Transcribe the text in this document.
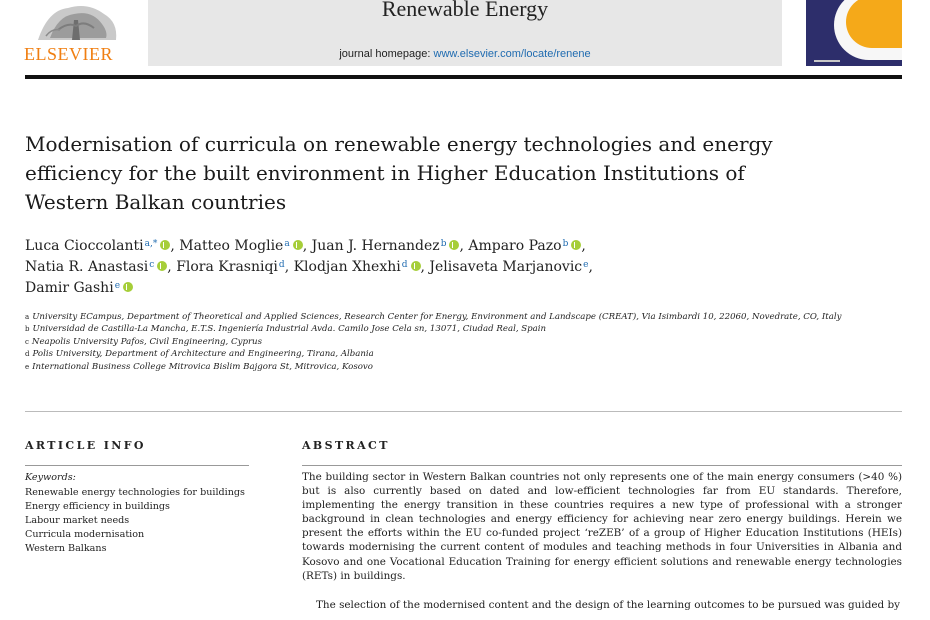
ELSEVIER
Renewable Energy
journal homepage: www.elsevier.com/locate/renene
Modernisation of curricula on renewable energy technologies and energy efficiency for the built environment in Higher Education Institutions of Western Balkan countries
Luca Cioccolanti$^{a,*}$ , Matteo Moglie$^a$ , Juan J. Hernandez$^b$ , Amparo Pazo$^b$ ,
Natia R. Anastasi$^c$ , Flora Krasniqi$^d$, Klodjan Xhexhi$^d$ , Jelisaveta Marjanovic$^e$,
Damir Gashi$^e$

$^a$ University ECampus, Department of Theoretical and Applied Sciences, Research Center for Energy, Environment and Landscape (CREAT), Via Isimbardi 10, 22060, Novedrate, CO, Italy

$^b$ Universidad de Castilla-La Mancha, E.T.S. Ingeniería Industrial Avda. Camilo Jose Cela sn, 13071, Ciudad Real, Spain

$^c$ Neapolis University Pafos, Civil Engineering, Cyprus

$^d$ Polis University, Department of Architecture and Engineering, Tirana, Albania

$^e$ International Business College Mitrovica Bislim Bajgora St, Mitrovica, Kosovo

ARTICLE INFO
Keywords:
Renewable energy technologies for buildings
Energy efficiency in buildings
Labour market needs
Curricula modernisation
Western Balkans
ABSTRACT

The building sector in Western Balkan countries not only represents one of the main energy consumers (>40 %) but is also currently based on dated and low-efficient technologies far from EU standards. Therefore, implementing the energy transition in these countries requires a new type of professional with a stronger background in clean technologies and energy efficiency for achieving near zero energy buildings. Herein we present the efforts within the EU co-funded project ‘reZEB’ of a group of Higher Education Institutions (HEIs) towards modernising the current content of modules and teaching methods in four Universities in Albania and Kosovo and one Vocational Education Training for energy efficient solutions and renewable energy technologies (RETs) in buildings.

The selection of the modernised content and the design of the learning outcomes to be pursued was guided by
